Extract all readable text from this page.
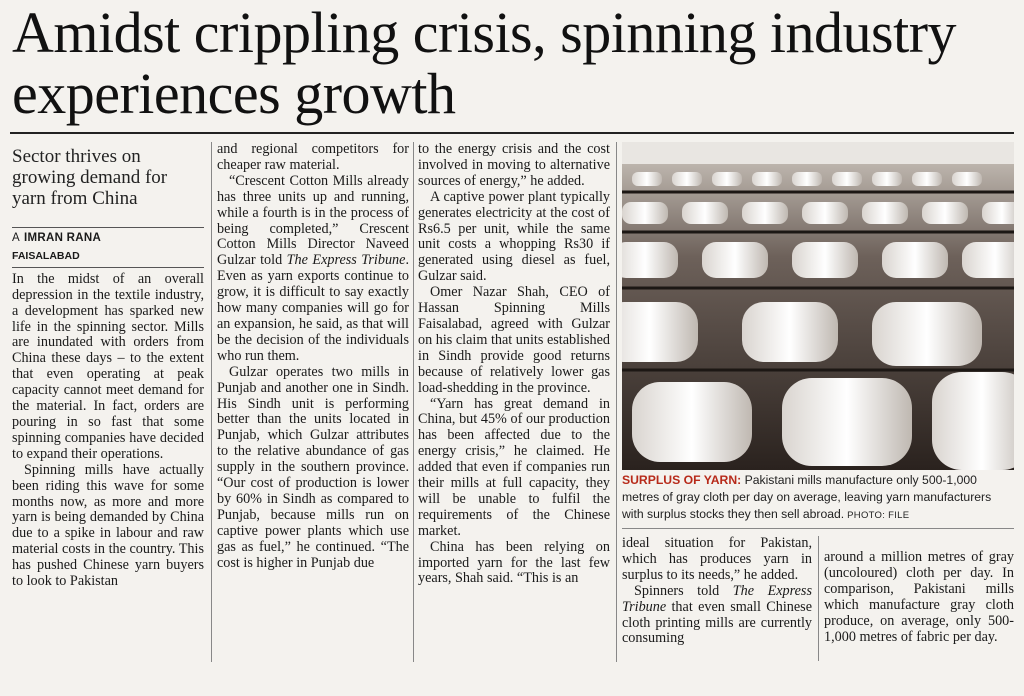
Amidst crippling crisis, spinning industry experiences growth
Sector thrives on growing demand for yarn from China
A IMRAN RANA
FAISALABAD

In the midst of an overall depression in the textile industry, a development has sparked new life in the spinning sector. Mills are inundated with orders from China these days – to the extent that even operating at peak capacity cannot meet demand for the material. In fact, orders are pouring in so fast that some spinning companies have decided to expand their operations.

Spinning mills have actually been riding this wave for some months now, as more and more yarn is being demanded by China due to a spike in labour and raw material costs in the country. This has pushed Chinese yarn buyers to look to Pakistan

and regional competitors for cheaper raw material.

“Crescent Cotton Mills already has three units up and running, while a fourth is in the process of being completed,” Crescent Cotton Mills Director Naveed Gulzar told The Express Tribune. Even as yarn exports continue to grow, it is difficult to say exactly how many companies will go for an expansion, he said, as that will be the decision of the individuals who run them.

Gulzar operates two mills in Punjab and another one in Sindh. His Sindh unit is performing better than the units located in Punjab, which Gulzar attributes to the relative abundance of gas supply in the southern province. “Our cost of production is lower by 60% in Sindh as compared to Punjab, because mills run on captive power plants which use gas as fuel,” he continued. “The cost is higher in Punjab due

to the energy crisis and the cost involved in moving to alternative sources of energy,” he added.

A captive power plant typically generates electricity at the cost of Rs6.5 per unit, while the same unit costs a whopping Rs30 if generated using diesel as fuel, Gulzar said.

Omer Nazar Shah, CEO of Hassan Spinning Mills Faisalabad, agreed with Gulzar on his claim that units established in Sindh provide good returns because of relatively lower gas load-shedding in the province.

“Yarn has great demand in China, but 45% of our production has been affected due to the energy crisis,” he claimed. He added that even if companies run their mills at full capacity, they will be unable to fulfil the requirements of the Chinese market.

China has been relying on imported yarn for the last few years, Shah said. “This is an

SURPLUS OF YARN: Pakistani mills manufacture only 500-1,000 metres of gray cloth per day on average, leaving yarn manufacturers with surplus stocks they then sell abroad. PHOTO: FILE

ideal situation for Pakistan, which has produces yarn in surplus to its needs,” he added.

Spinners told The Express Tribune that even small Chinese cloth printing mills are currently consuming

around a million metres of gray (uncoloured) cloth per day. In comparison, Pakistani mills which manufacture gray cloth produce, on average, only 500-1,000 metres of fabric per day.
